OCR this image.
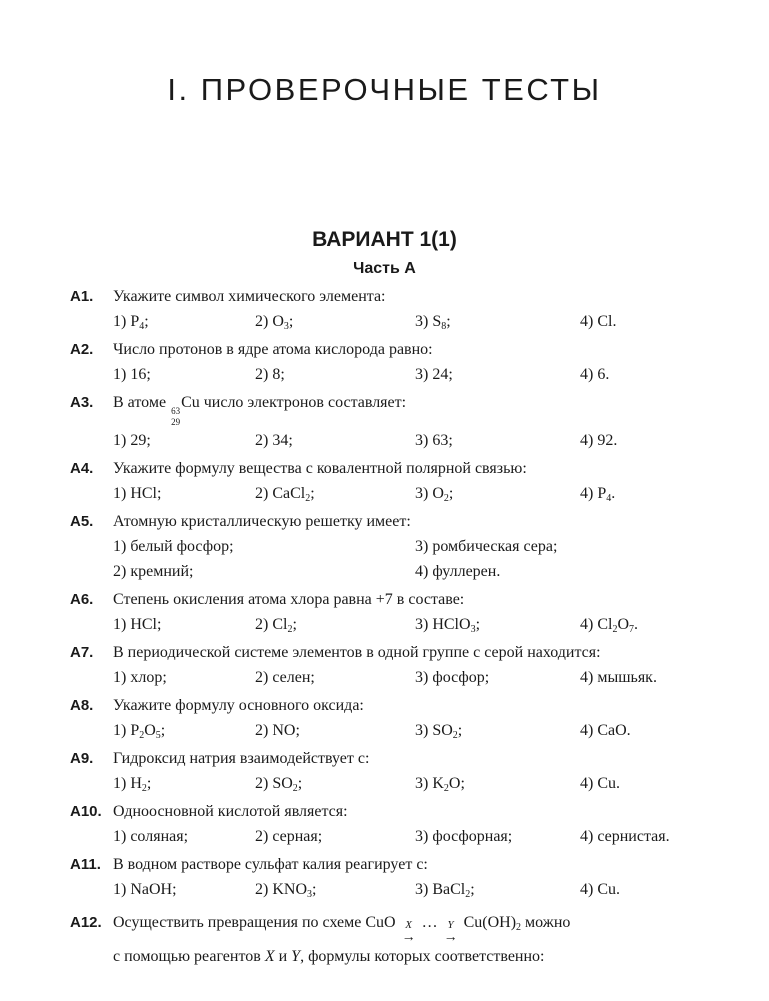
I. ПРОВЕРОЧНЫЕ ТЕСТЫ
ВАРИАНТ 1(1)
Часть А
A1. Укажите символ химического элемента:
1) $P_4$;	2) $O_3$;	3) $S_8$;	4) Cl.
A2. Число протонов в ядре атома кислорода равно:
1) 16;	2) 8;	3) 24;	4) 6.
A3. В атоме 63
29
Cu число электронов составляет:
1) 29;	2) 34;	3) 63;	4) 92.
A4. Укажите формулу вещества с ковалентной полярной связью:
1) HCl;	2) CaCl$_2$;	3) $O_2$;	4) $P_4$.
A5. Атомную кристаллическую решетку имеет:
1) белый фосфор;	3) ромбическая сера;
2) кремний;	4) фуллерен.
A6. Степень окисления атома хлора равна +7 в составе:
1) HCl;	2) $Cl_2$;	3) HClO$_3$;	4) $Cl_2O_7$.
A7. В периодической системе элементов в одной группе с серой находится:
1) хлор;	2) селен;	3) фосфор;	4) мышьяк.
A8. Укажите формулу основного оксида:
1) $P_2O_5$;	2) NO;	3) $SO_2$;	4) CaO.
A9. Гидроксид натрия взаимодействует с:
1) $H_2$;	2) $SO_2$;	3) $K_2O$;	4) Cu.
A10. Одноосновной кислотой является:
1) соляная;	2) серная;	3) фосфорная;	4) сернистая.
A11. В водном растворе сульфат калия реагирует с:
1) NaOH;	2) $KNO_3$;	3) BaCl$_2$;	4) Cu.
A12. Осуществить превращения по схеме CuO X
→
… Y
→
$Cu(OH)_2$ можно
с помощью реагентов X и Y, формулы которых соответственно:
